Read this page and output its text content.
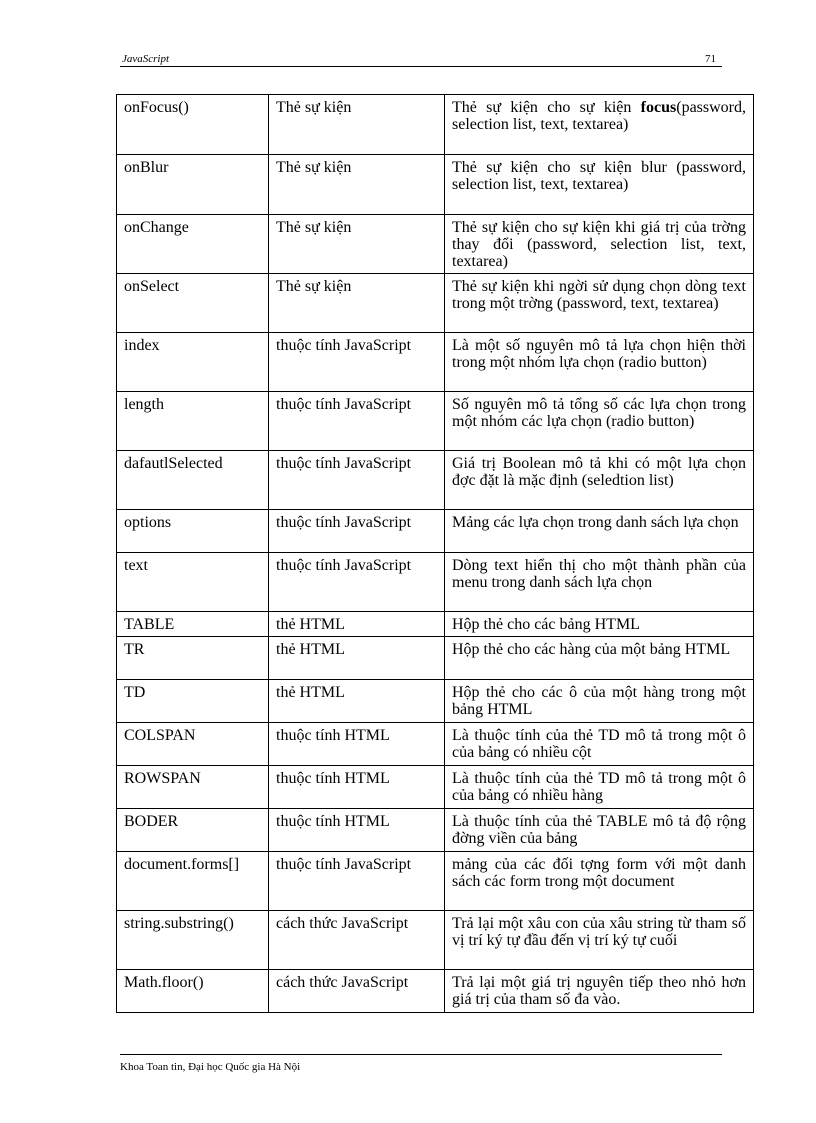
JavaScript	71
onFocus()	Thẻ sự kiện	Thẻ sự kiện cho sự kiện focus(password, selection list, text, textarea)
onBlur	Thẻ sự kiện	Thẻ sự kiện cho sự kiện blur (password, selection list, text, textarea)
onChange	Thẻ sự kiện	Thẻ sự kiện cho sự kiện khi giá trị của trờng thay đổi (password, selection list, text, textarea)
onSelect	Thẻ sự kiện	Thẻ sự kiện khi ngời sử dụng chọn dòng text trong một trờng (password, text, textarea)
index	thuộc tính JavaScript	Là một số nguyên mô tả lựa chọn hiện thời trong một nhóm lựa chọn (radio button)
length	thuộc tính JavaScript	Số nguyên mô tả tổng số các lựa chọn trong một nhóm các lựa chọn (radio button)
dafautlSelected	thuộc tính JavaScript	Giá trị Boolean mô tả khi có một lựa chọn đợc đặt là mặc định (seledtion list)
options	thuộc tính JavaScript	Mảng các lựa chọn trong danh sách lựa chọn
text	thuộc tính JavaScript	Dòng text hiển thị cho một thành phần của menu trong danh sách lựa chọn
TABLE	thẻ HTML	Hộp thẻ cho các bảng HTML
TR	thẻ HTML	Hộp thẻ cho các hàng của một bảng HTML
TD	thẻ HTML	Hộp thẻ cho các ô của một hàng trong một bảng HTML
COLSPAN	thuộc tính HTML	Là thuộc tính của thẻ TD mô tả trong một ô của bảng có nhiều cột
ROWSPAN	thuộc tính HTML	Là thuộc tính của thẻ TD mô tả trong một ô của bảng có nhiều hàng
BODER	thuộc tính HTML	Là thuộc tính của thẻ TABLE mô tả độ rộng đờng viền của bảng
document.forms[]	thuộc tính JavaScript	mảng của các đối tợng form với một danh sách các form trong một document
string.substring()	cách thức JavaScript	Trả lại một xâu con của xâu string từ tham số vị trí ký tự đầu đến vị trí ký tự cuối
Math.floor()	cách thức JavaScript	Trả lại một giá trị nguyên tiếp theo nhỏ hơn giá trị của tham số đa vào.
Khoa Toan tin, Đại học Quốc gia Hà Nội
